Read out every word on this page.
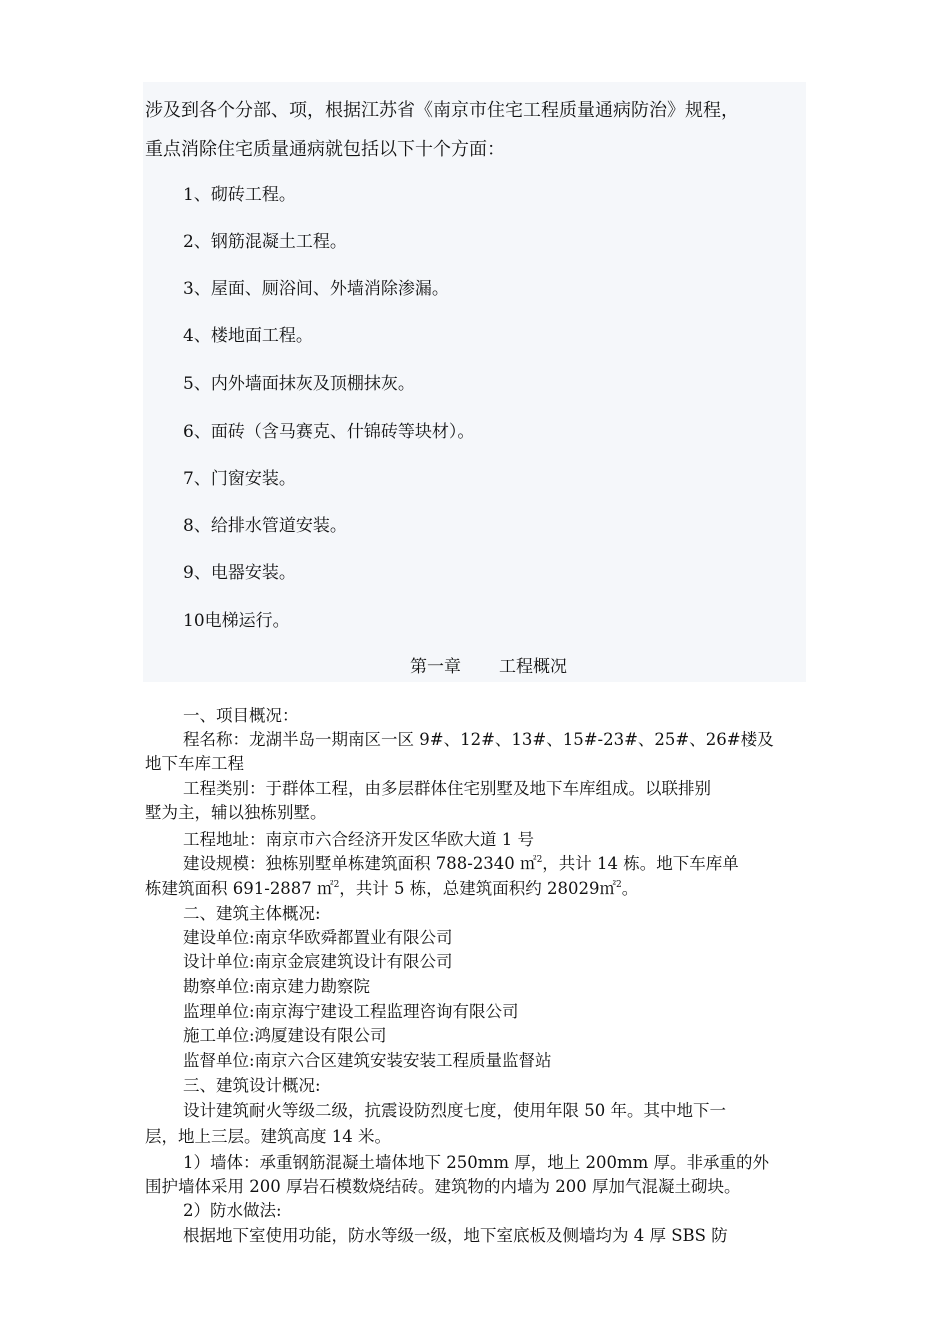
涉及到各个分部、项，根据江苏省《南京市住宅工程质量通病防治》规程，

重点消除住宅质量通病就包括以下十个方面：

1、砌砖工程。

2、钢筋混凝土工程。

3、屋面、厕浴间、外墙消除渗漏。

4、楼地面工程。

5、内外墙面抹灰及顶棚抹灰。

6、面砖（含马赛克、什锦砖等块材）。

7、门窗安装。

8、给排水管道安装。

9、电器安装。

10电梯运行。

第一章 工程概况

一、项目概况：

程名称：龙湖半岛一期南区一区 9#、12#、13#、15#-23#、25#、26#楼及

地下车库工程

工程类别：于群体工程，由多层群体住宅别墅及地下车库组成。以联排别

墅为主，辅以独栋别墅。

工程地址：南京市六合经济开发区华欧大道 1 号

建设规模：独栋别墅单栋建筑面积 788-2340 ㎡$^2$，共计 14 栋。地下车库单

栋建筑面积 691-2887 ㎡$^2$，共计 5 栋，总建筑面积约 28029㎡$^2$。

二、建筑主体概况:

建设单位:南京华欧舜都置业有限公司

设计单位:南京金宸建筑设计有限公司

勘察单位:南京建力勘察院

监理单位:南京海宁建设工程监理咨询有限公司

施工单位:鸿厦建设有限公司

监督单位:南京六合区建筑安装安装工程质量监督站

三、建筑设计概况:

设计建筑耐火等级二级，抗震设防烈度七度，使用年限 50 年。其中地下一

层，地上三层。建筑高度 14 米。

1）墙体：承重钢筋混凝土墙体地下 250mm 厚，地上 200mm 厚。非承重的外

围护墙体采用 200 厚岩石模数烧结砖。建筑物的内墙为 200 厚加气混凝土砌块。

2）防水做法:

根据地下室使用功能，防水等级一级，地下室底板及侧墙均为 4 厚 SBS 防
